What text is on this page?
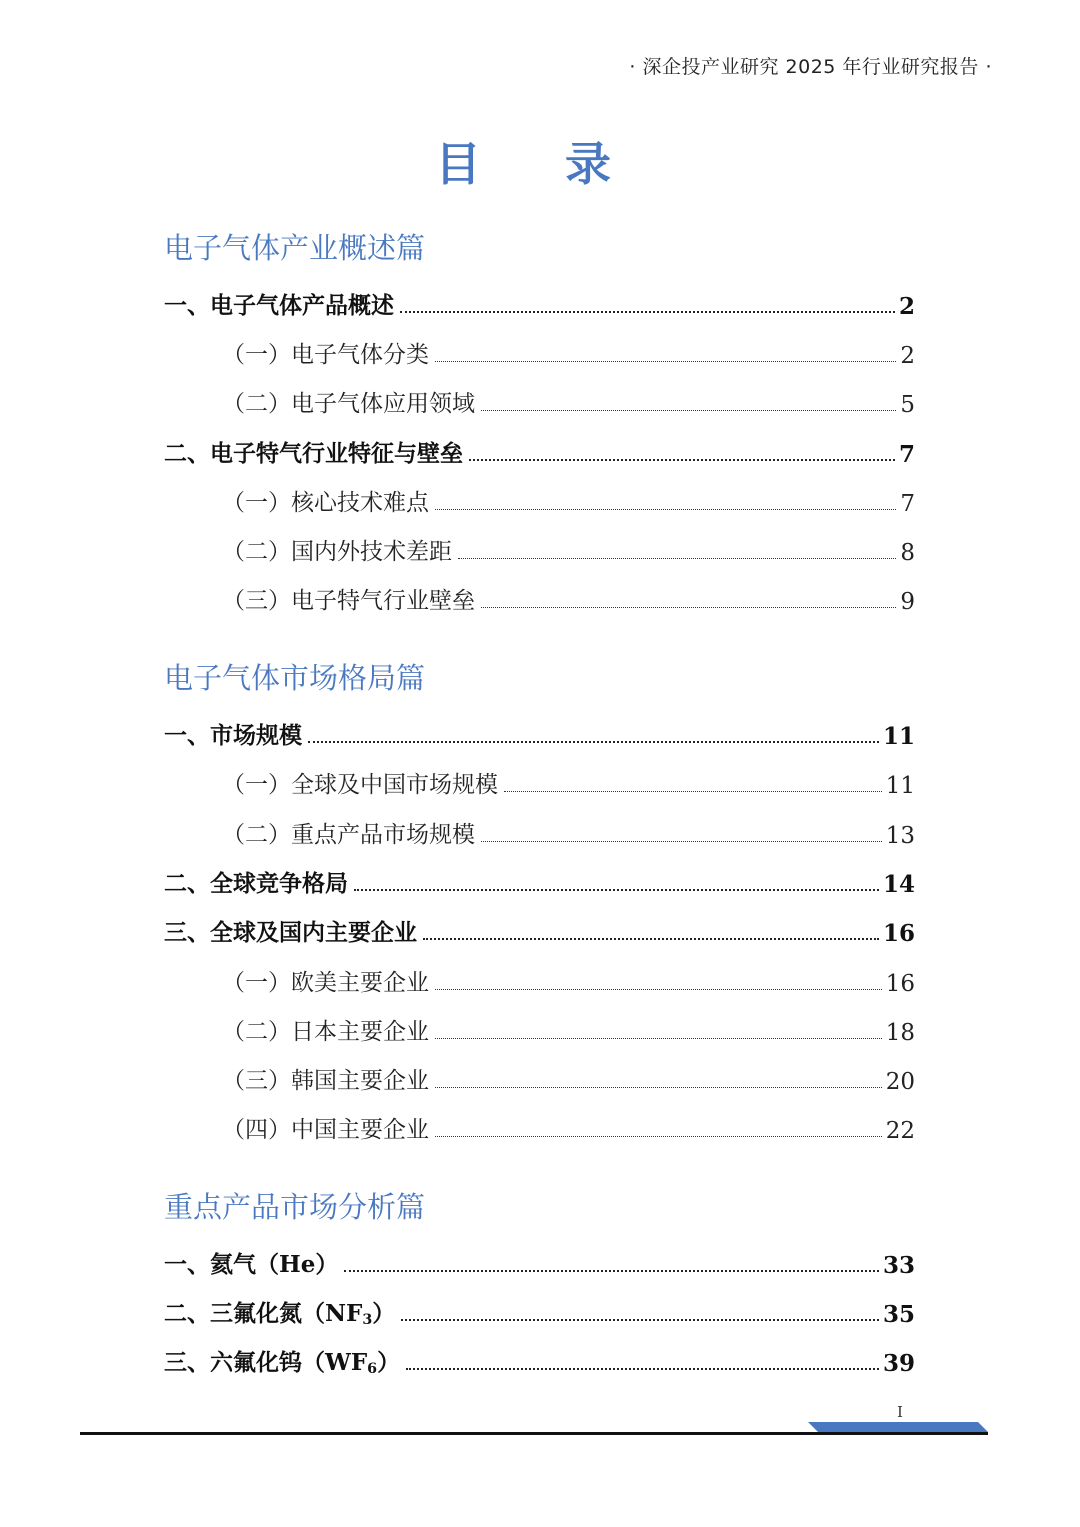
· 深企投产业研究 2025 年行业研究报告 ·
目 录
电子气体产业概述篇
一、电子气体产品概述	2
（一）电子气体分类	2
（二）电子气体应用领域	5
二、电子特气行业特征与壁垒	7
（一）核心技术难点	7
（二）国内外技术差距	8
（三）电子特气行业壁垒	9
电子气体市场格局篇
一、市场规模	11
（一）全球及中国市场规模	11
（二）重点产品市场规模	13
二、全球竞争格局	14
三、全球及国内主要企业	16
（一）欧美主要企业	16
（二）日本主要企业	18
（三）韩国主要企业	20
（四）中国主要企业	22
重点产品市场分析篇
一、氦气（He）	33
二、三氟化氮$(NF_3)$	35
三、六氟化钨$(WF_6)$	39
I
